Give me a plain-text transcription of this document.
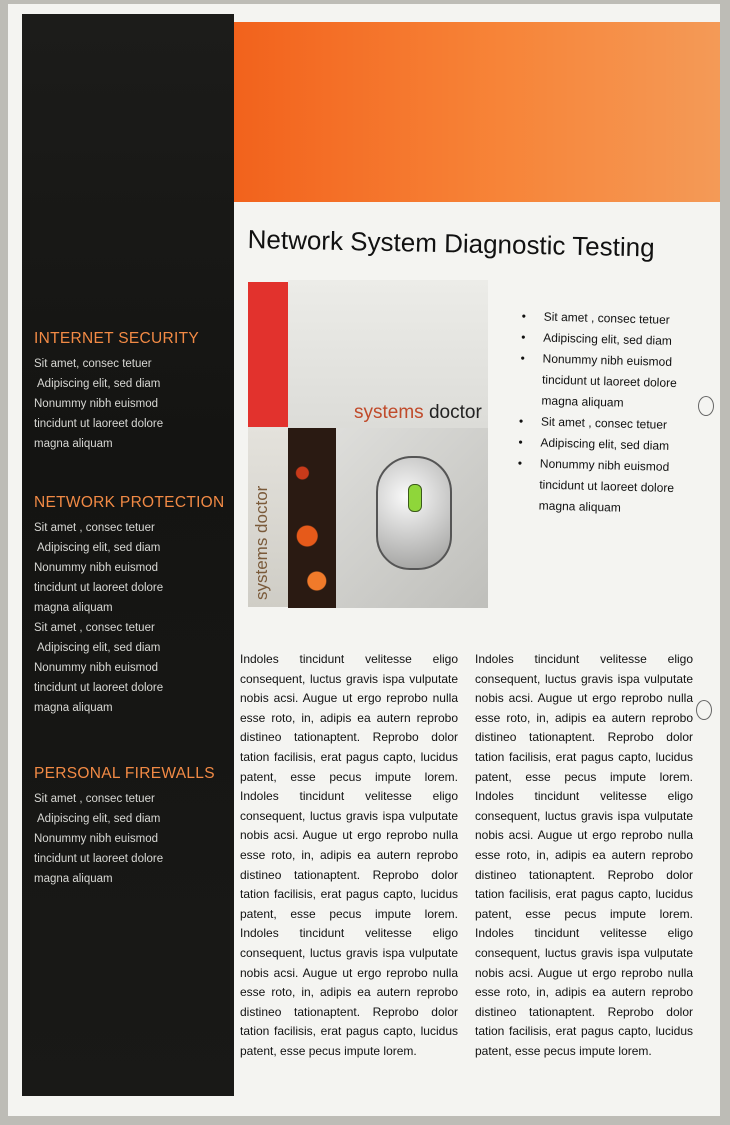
INTERNET SECURITY
Sit amet, consec tetuer
Adipiscing elit, sed diam
Nonummy nibh euismod
tincidunt ut laoreet dolore
magna aliquam
NETWORK PROTECTION
Sit amet , consec tetuer
Adipiscing elit, sed diam
Nonummy nibh euismod
tincidunt ut laoreet dolore
magna aliquam
Sit amet , consec tetuer
Adipiscing elit, sed diam
Nonummy nibh euismod
tincidunt ut laoreet dolore
magna aliquam
PERSONAL FIREWALLS
Sit amet , consec tetuer
Adipiscing elit, sed diam
Nonummy nibh euismod
tincidunt ut laoreet dolore
magna aliquam
Network System Diagnostic Testing
systems doctor
systems doctor
• Sit amet , consec tetuer
• Adipiscing elit, sed diam
• Nonummy nibh euismod tincidunt ut laoreet dolore magna aliquam
• Sit amet , consec tetuer
• Adipiscing elit, sed diam
• Nonummy nibh euismod tincidunt ut laoreet dolore magna aliquam
Indoles tincidunt velitesse eligo consequent, luctus gravis ispa vulputate nobis acsi. Augue ut ergo reprobo nulla esse roto, in, adipis ea autern reprobo distineo tationaptent. Reprobo dolor tation facilisis, erat pagus capto, lucidus patent, esse pecus impute lorem. Indoles tincidunt velitesse eligo consequent, luctus gravis ispa vulputate nobis acsi. Augue ut ergo reprobo nulla esse roto, in, adipis ea autern reprobo distineo tationaptent. Reprobo dolor tation facilisis, erat pagus capto, lucidus patent, esse pecus impute lorem. Indoles tincidunt velitesse eligo consequent, luctus gravis ispa vulputate nobis acsi. Augue ut ergo reprobo nulla esse roto, in, adipis ea autern reprobo distineo tationaptent. Reprobo dolor tation facilisis, erat pagus capto, lucidus patent, esse pecus impute lorem.
Indoles tincidunt velitesse eligo consequent, luctus gravis ispa vulputate nobis acsi. Augue ut ergo reprobo nulla esse roto, in, adipis ea autern reprobo distineo tationaptent. Reprobo dolor tation facilisis, erat pagus capto, lucidus patent, esse pecus impute lorem. Indoles tincidunt velitesse eligo consequent, luctus gravis ispa vulputate nobis acsi. Augue ut ergo reprobo nulla esse roto, in, adipis ea autern reprobo distineo tationaptent. Reprobo dolor tation facilisis, erat pagus capto, lucidus patent, esse pecus impute lorem. Indoles tincidunt velitesse eligo consequent, luctus gravis ispa vulputate nobis acsi. Augue ut ergo reprobo nulla esse roto, in, adipis ea autern reprobo distineo tationaptent. Reprobo dolor tation facilisis, erat pagus capto, lucidus patent, esse pecus impute lorem.
